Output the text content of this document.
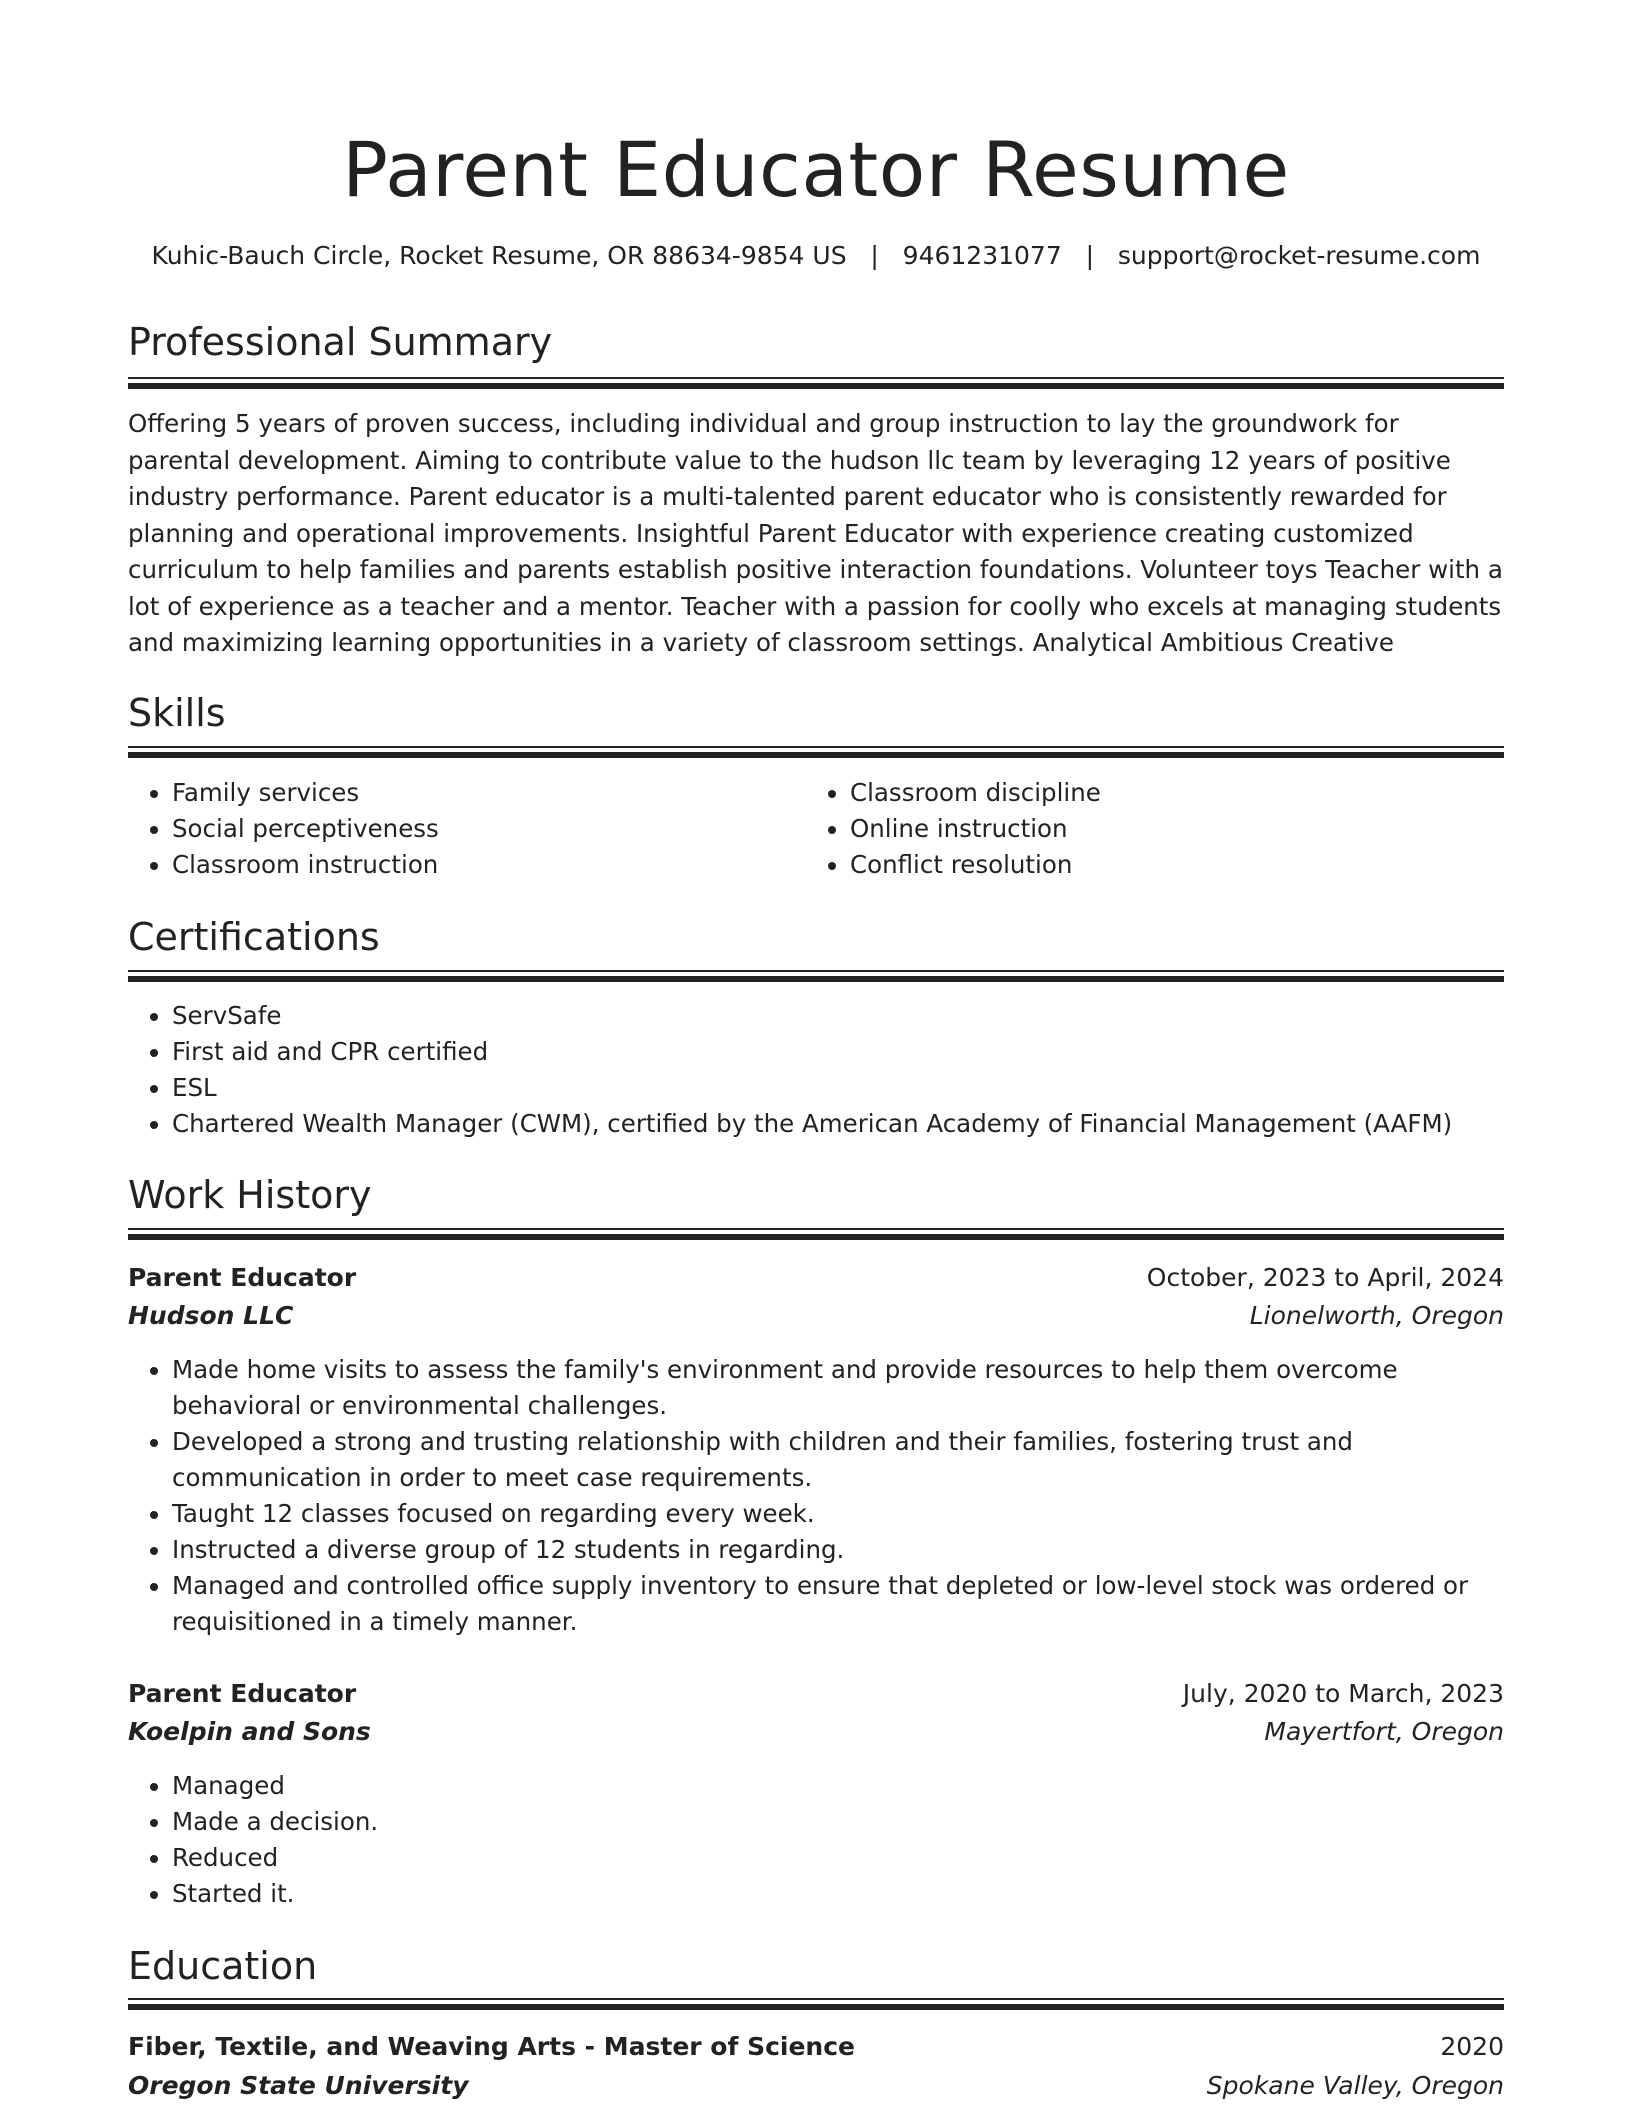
Parent Educator Resume
Kuhic-Bauch Circle, Rocket Resume, OR 88634-9854 US   |   9461231077   |   support@rocket-resume.com
Professional Summary
Offering 5 years of proven success, including individual and group instruction to lay the groundwork for parental development. Aiming to contribute value to the hudson llc team by leveraging 12 years of positive industry performance. Parent educator is a multi-talented parent educator who is consistently rewarded for planning and operational improvements. Insightful Parent Educator with experience creating customized curriculum to help families and parents establish positive interaction foundations. Volunteer toys Teacher with a lot of experience as a teacher and a mentor. Teacher with a passion for coolly who excels at managing students and maximizing learning opportunities in a variety of classroom settings. Analytical Ambitious Creative
Skills
• Family services
• Social perceptiveness
• Classroom instruction
• Classroom discipline
• Online instruction
• Conflict resolution
Certifications
• ServSafe
• First aid and CPR certified
• ESL
• Chartered Wealth Manager (CWM), certified by the American Academy of Financial Management (AAFM)
Work History
Parent Educator	October, 2023 to April, 2024
Hudson LLC	Lionelworth, Oregon
• Made home visits to assess the family's environment and provide resources to help them overcome behavioral or environmental challenges.
• Developed a strong and trusting relationship with children and their families, fostering trust and communication in order to meet case requirements.
• Taught 12 classes focused on regarding every week.
• Instructed a diverse group of 12 students in regarding.
• Managed and controlled office supply inventory to ensure that depleted or low-level stock was ordered or requisitioned in a timely manner.
Parent Educator	July, 2020 to March, 2023
Koelpin and Sons	Mayertfort, Oregon
• Managed
• Made a decision.
• Reduced
• Started it.
Education
Fiber, Textile, and Weaving Arts - Master of Science	2020
Oregon State University	Spokane Valley, Oregon
